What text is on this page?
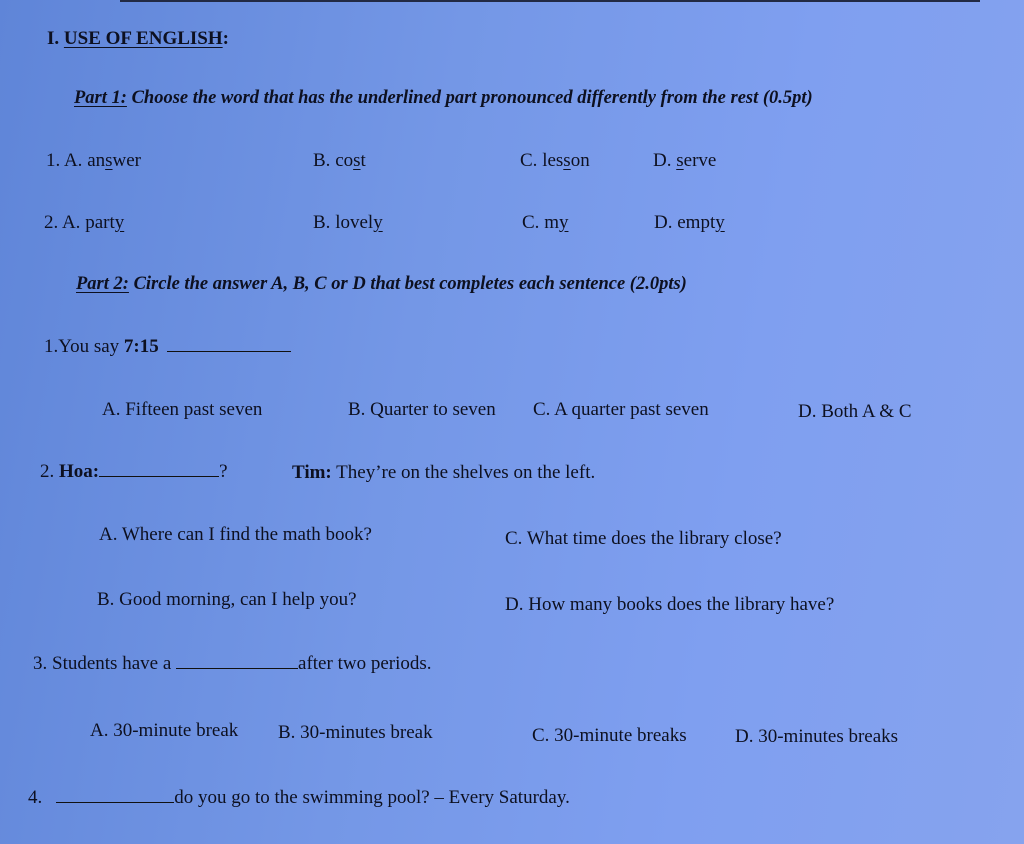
I. USE OF ENGLISH:
Part 1: Choose the word that has the underlined part pronounced differently from the rest (0.5pt)
1. A. answer	B. cost	C. lesson	D. serve
2. A. party	B. lovely	C. my	D. empty
Part 2: Circle the answer A, B, C or D that best completes each sentence (2.0pts)
1.You say 7:15
A. Fifteen past seven	B. Quarter to seven C. A quarter past seven	D. Both A & C
2. Hoa:	?	Tim: They’re on the shelves on the left.
A. Where can I find the math book?	C. What time does the library close?
B. Good morning, can I help you?	D. How many books does the library have?
3. Students have a	after two periods.
A. 30-minute break B. 30-minutes break	C. 30-minute breaks	D. 30-minutes breaks
4.	do you go to the swimming pool? – Every Saturday.
